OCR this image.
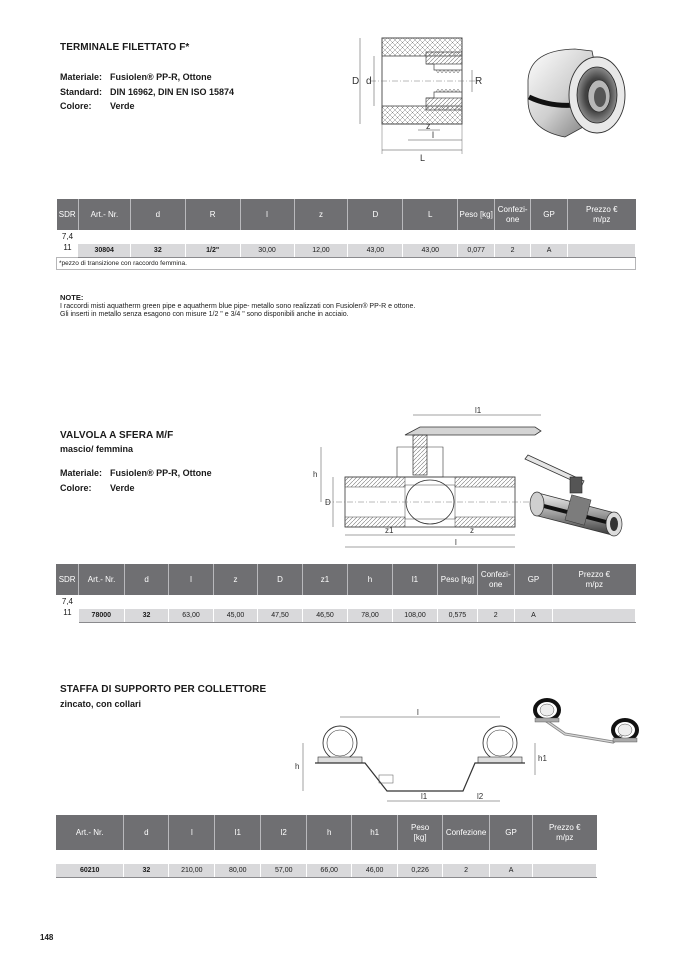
TERMINALE FILETTATO F*
Materiale: Fusiolen® PP-R, Ottone
Standard: DIN 16962, DIN EN ISO 15874
Colore:	Verde
D d	R
z
l
L
SDR	Art.- Nr.	d	R	l	z	D	L	Peso [kg]	Confezi-
one	GP	Prezzo €
m/pz
7,4
11											
	30804	32	1/2"	30,00	12,00	43,00	43,00	0,077	2	A	
*pezzo di transizione con raccordo femmina.											
NOTE:
I raccordi misti aquatherm green pipe e aquatherm blue pipe- metallo sono realizzati con Fusiolen® PP-R e ottone.
Gli inserti in metallo senza esagono con misure 1/2 " e 3/4 " sono disponibili anche in acciaio.
VALVOLA A SFERA M/F
mascio/ femmina
Materiale: Fusiolen® PP-R, Ottone
Colore:	Verde
l1
h
D
z1	z
l
SDR	Art.- Nr.	d	l	z	D	z1	h	l1	Peso [kg]	Confezi-
one	GP	Prezzo €
m/pz
7,4
11												
	78000	32	63,00	45,00	47,50	46,50	78,00	108,00	0,575	2	A	
STAFFA DI SUPPORTO PER COLLETTORE
zincato, con collari
l
l1	l2
h
h1
Art.- Nr.	d	l	l1	l2	h	h1	Peso
[kg]	Confezione	GP	Prezzo €
m/pz

60210	32	210,00	80,00	57,00	66,00	46,00	0,226	2	A	
148
